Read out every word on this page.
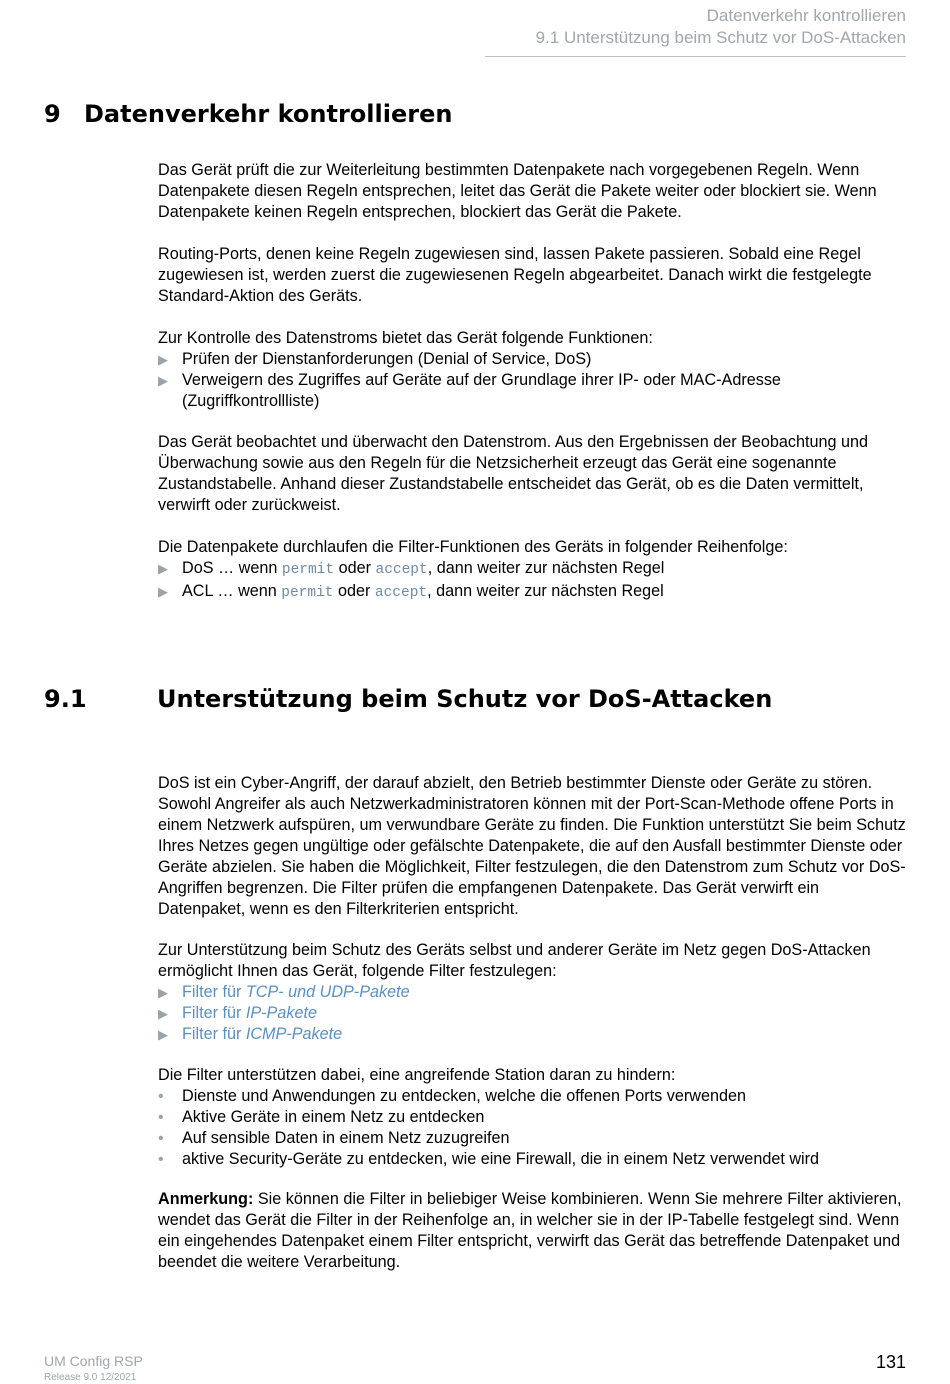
Datenverkehr kontrollieren
9.1 Unterstützung beim Schutz vor DoS-Attacken
9 Datenverkehr kontrollieren

Das Gerät prüft die zur Weiterleitung bestimmten Datenpakete nach vorgegebenen Regeln. Wenn Datenpakete diesen Regeln entsprechen, leitet das Gerät die Pakete weiter oder blockiert sie. Wenn Datenpakete keinen Regeln entsprechen, blockiert das Gerät die Pakete.

Routing-Ports, denen keine Regeln zugewiesen sind, lassen Pakete passieren. Sobald eine Regel zugewiesen ist, werden zuerst die zugewiesenen Regeln abgearbeitet. Danach wirkt die festgelegte Standard-Aktion des Geräts.

Zur Kontrolle des Datenstroms bietet das Gerät folgende Funktionen:

▶ Prüfen der Dienstanforderungen (Denial of Service, DoS)
▶ Verweigern des Zugriffes auf Geräte auf der Grundlage ihrer IP- oder MAC-Adresse (Zugriffkontrollliste)

Das Gerät beobachtet und überwacht den Datenstrom. Aus den Ergebnissen der Beobachtung und Überwachung sowie aus den Regeln für die Netzsicherheit erzeugt das Gerät eine sogenannte Zustandstabelle. Anhand dieser Zustandstabelle entscheidet das Gerät, ob es die Daten vermittelt, verwirft oder zurückweist.

Die Datenpakete durchlaufen die Filter-Funktionen des Geräts in folgender Reihenfolge:

▶ DoS … wenn permit oder accept, dann weiter zur nächsten Regel
▶ ACL … wenn permit oder accept, dann weiter zur nächsten Regel
9.1	Unterstützung beim Schutz vor DoS-Attacken

DoS ist ein Cyber-Angriff, der darauf abzielt, den Betrieb bestimmter Dienste oder Geräte zu stören. Sowohl Angreifer als auch Netzwerkadministratoren können mit der Port-Scan-Methode offene Ports in einem Netzwerk aufspüren, um verwundbare Geräte zu finden. Die Funktion unterstützt Sie beim Schutz Ihres Netzes gegen ungültige oder gefälschte Datenpakete, die auf den Ausfall bestimmter Dienste oder Geräte abzielen. Sie haben die Möglichkeit, Filter festzulegen, die den Datenstrom zum Schutz vor DoS-Angriffen begrenzen. Die Filter prüfen die empfangenen Datenpakete. Das Gerät verwirft ein Datenpaket, wenn es den Filterkriterien entspricht.

Zur Unterstützung beim Schutz des Geräts selbst und anderer Geräte im Netz gegen DoS-Attacken ermöglicht Ihnen das Gerät, folgende Filter festzulegen:

▶ Filter für TCP- und UDP-Pakete
▶ Filter für IP-Pakete
▶ Filter für ICMP-Pakete

Die Filter unterstützen dabei, eine angreifende Station daran zu hindern:

•	Dienste und Anwendungen zu entdecken, welche die offenen Ports verwenden
•	Aktive Geräte in einem Netz zu entdecken
•	Auf sensible Daten in einem Netz zuzugreifen
•	aktive Security-Geräte zu entdecken, wie eine Firewall, die in einem Netz verwendet wird

Anmerkung: Sie können die Filter in beliebiger Weise kombinieren. Wenn Sie mehrere Filter aktivieren, wendet das Gerät die Filter in der Reihenfolge an, in welcher sie in der IP-Tabelle festgelegt sind. Wenn ein eingehendes Datenpaket einem Filter entspricht, verwirft das Gerät das betreffende Datenpaket und beendet die weitere Verarbeitung.

UM Config RSP
Release 9.0 12/2021
131
